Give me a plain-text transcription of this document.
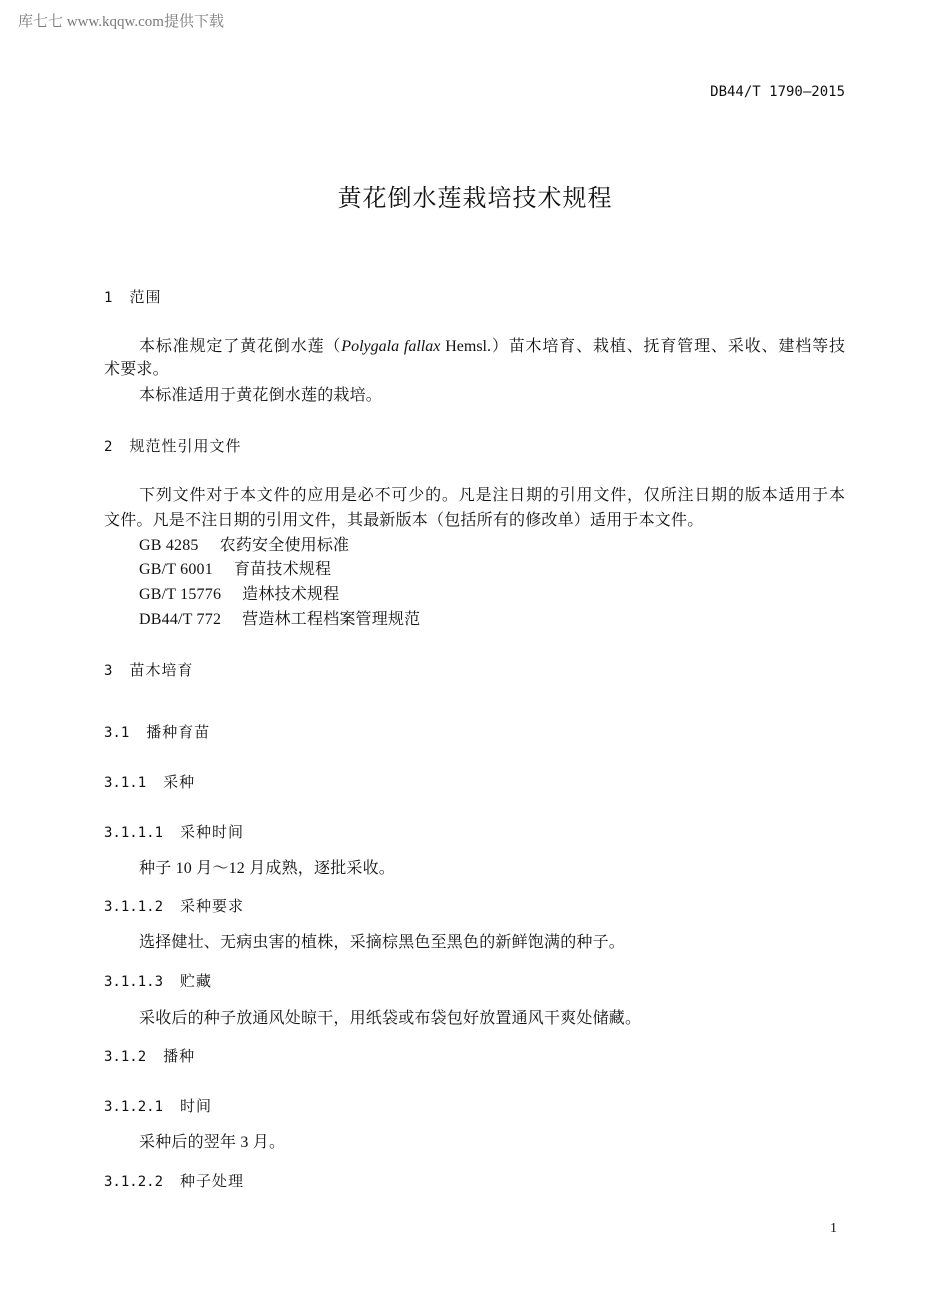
库七七 www.kqqw.com提供下载
DB44/T 1790—2015
黄花倒水莲栽培技术规程
1 范围
本标准规定了黄花倒水莲（Polygala fallax Hemsl.）苗木培育、栽植、抚育管理、采收、建档等技
术要求。
本标准适用于黄花倒水莲的栽培。
2 规范性引用文件
下列文件对于本文件的应用是必不可少的。凡是注日期的引用文件，仅所注日期的版本适用于本
文件。凡是不注日期的引用文件，其最新版本（包括所有的修改单）适用于本文件。
GB 4285 农药安全使用标准
GB/T 6001 育苗技术规程
GB/T 15776 造林技术规程
DB44/T 772 营造林工程档案管理规范
3 苗木培育
3.1 播种育苗
3.1.1 采种
3.1.1.1 采种时间
种子 10 月～12 月成熟，逐批采收。
3.1.1.2 采种要求
选择健壮、无病虫害的植株，采摘棕黑色至黑色的新鲜饱满的种子。
3.1.1.3 贮藏
采收后的种子放通风处晾干，用纸袋或布袋包好放置通风干爽处储藏。
3.1.2 播种
3.1.2.1 时间
采种后的翌年 3 月。
3.1.2.2 种子处理
1
